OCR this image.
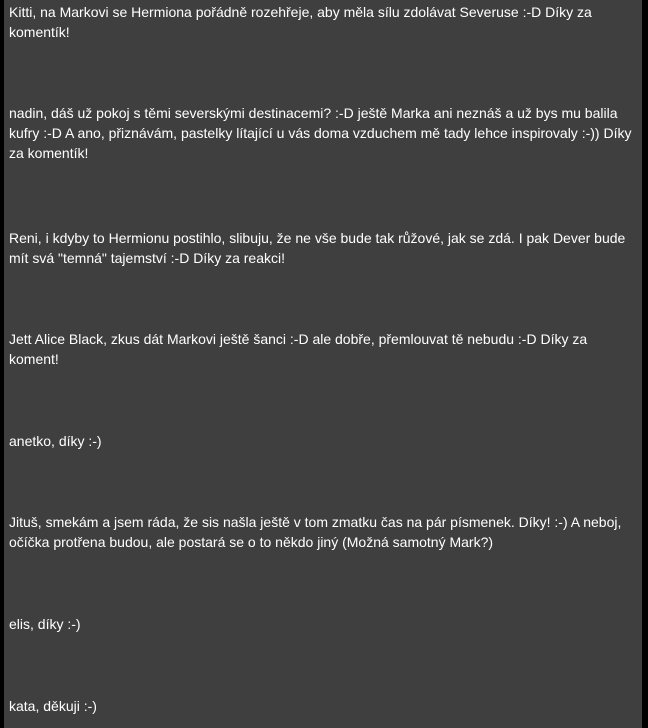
Kitti, na Markovi se Hermiona pořádně rozehřeje, aby měla sílu zdolávat Severuse :-D Díky za komentík!

nadin, dáš už pokoj s těmi severskými destinacemi? :-D ještě Marka ani neznáš a už bys mu balila kufry :-D A ano, přiznávám, pastelky lítající u vás doma vzduchem mě tady lehce inspirovaly :-)) Díky za komentík!

Reni, i kdyby to Hermionu postihlo, slibuju, že ne vše bude tak růžové, jak se zdá. I pak Dever bude mít svá "temná" tajemství :-D Díky za reakci!

Jett Alice Black, zkus dát Markovi ještě šanci :-D ale dobře, přemlouvat tě nebudu :-D Díky za koment!

anetko, díky :-)

Jituš, smekám a jsem ráda, že sis našla ještě v tom zmatku čas na pár písmenek. Díky! :-) A neboj, očíčka protřena budou, ale postará se o to někdo jiný (Možná samotný Mark?)

elis, díky :-)

kata, děkuji :-)
